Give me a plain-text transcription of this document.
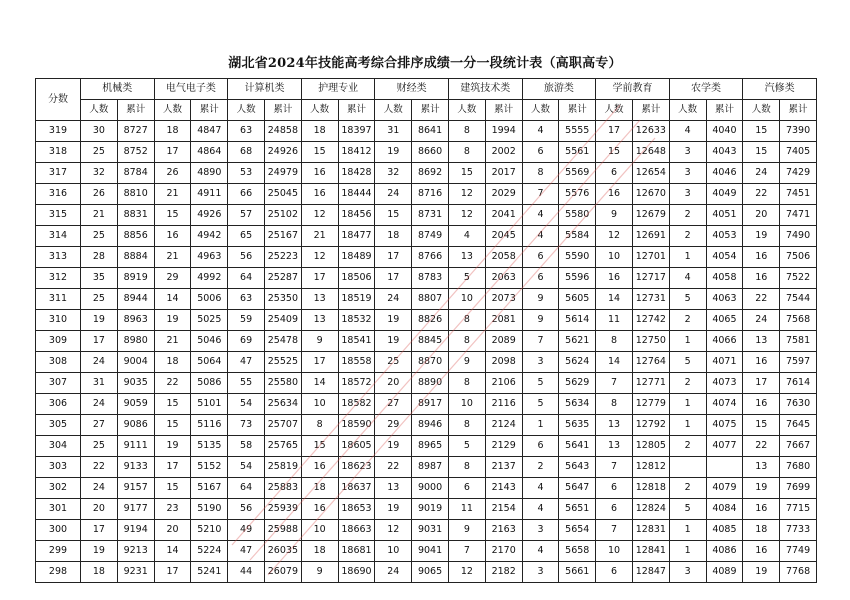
湖北省2024年技能高考综合排序成绩一分一段统计表（高职高专）
分数	机械类		电气电子类		计算机类		护理专业		财经类		建筑技术类		旅游类		学前教育		农学类		汽修类	
	人数	累计	人数	累计	人数	累计	人数	累计	人数	累计	人数	累计	人数	累计	人数	累计	人数	累计	人数	累计
319	30	8727	18	4847	63	24858	18	18397	31	8641	8	1994	4	5555	17	12633	4	4040	15	7390
318	25	8752	17	4864	68	24926	15	18412	19	8660	8	2002	6	5561	15	12648	3	4043	15	7405
317	32	8784	26	4890	53	24979	16	18428	32	8692	15	2017	8	5569	6	12654	3	4046	24	7429
316	26	8810	21	4911	66	25045	16	18444	24	8716	12	2029	7	5576	16	12670	3	4049	22	7451
315	21	8831	15	4926	57	25102	12	18456	15	8731	12	2041	4	5580	9	12679	2	4051	20	7471
314	25	8856	16	4942	65	25167	21	18477	18	8749	4	2045	4	5584	12	12691	2	4053	19	7490
313	28	8884	21	4963	56	25223	12	18489	17	8766	13	2058	6	5590	10	12701	1	4054	16	7506
312	35	8919	29	4992	64	25287	17	18506	17	8783	5	2063	6	5596	16	12717	4	4058	16	7522
311	25	8944	14	5006	63	25350	13	18519	24	8807	10	2073	9	5605	14	12731	5	4063	22	7544
310	19	8963	19	5025	59	25409	13	18532	19	8826	8	2081	9	5614	11	12742	2	4065	24	7568
309	17	8980	21	5046	69	25478	9	18541	19	8845	8	2089	7	5621	8	12750	1	4066	13	7581
308	24	9004	18	5064	47	25525	17	18558	25	8870	9	2098	3	5624	14	12764	5	4071	16	7597
307	31	9035	22	5086	55	25580	14	18572	20	8890	8	2106	5	5629	7	12771	2	4073	17	7614
306	24	9059	15	5101	54	25634	10	18582	27	8917	10	2116	5	5634	8	12779	1	4074	16	7630
305	27	9086	15	5116	73	25707	8	18590	29	8946	8	2124	1	5635	13	12792	1	4075	15	7645
304	25	9111	19	5135	58	25765	15	18605	19	8965	5	2129	6	5641	13	12805	2	4077	22	7667
303	22	9133	17	5152	54	25819	16	18623	22	8987	8	2137	2	5643	7	12812			13	7680
302	24	9157	15	5167	64	25883	18	18637	13	9000	6	2143	4	5647	6	12818	2	4079	19	7699
301	20	9177	23	5190	56	25939	16	18653	19	9019	11	2154	4	5651	6	12824	5	4084	16	7715
300	17	9194	20	5210	49	25988	10	18663	12	9031	9	2163	3	5654	7	12831	1	4085	18	7733
299	19	9213	14	5224	47	26035	18	18681	10	9041	7	2170	4	5658	10	12841	1	4086	16	7749
298	18	9231	17	5241	44	26079	9	18690	24	9065	12	2182	3	5661	6	12847	3	4089	19	7768
